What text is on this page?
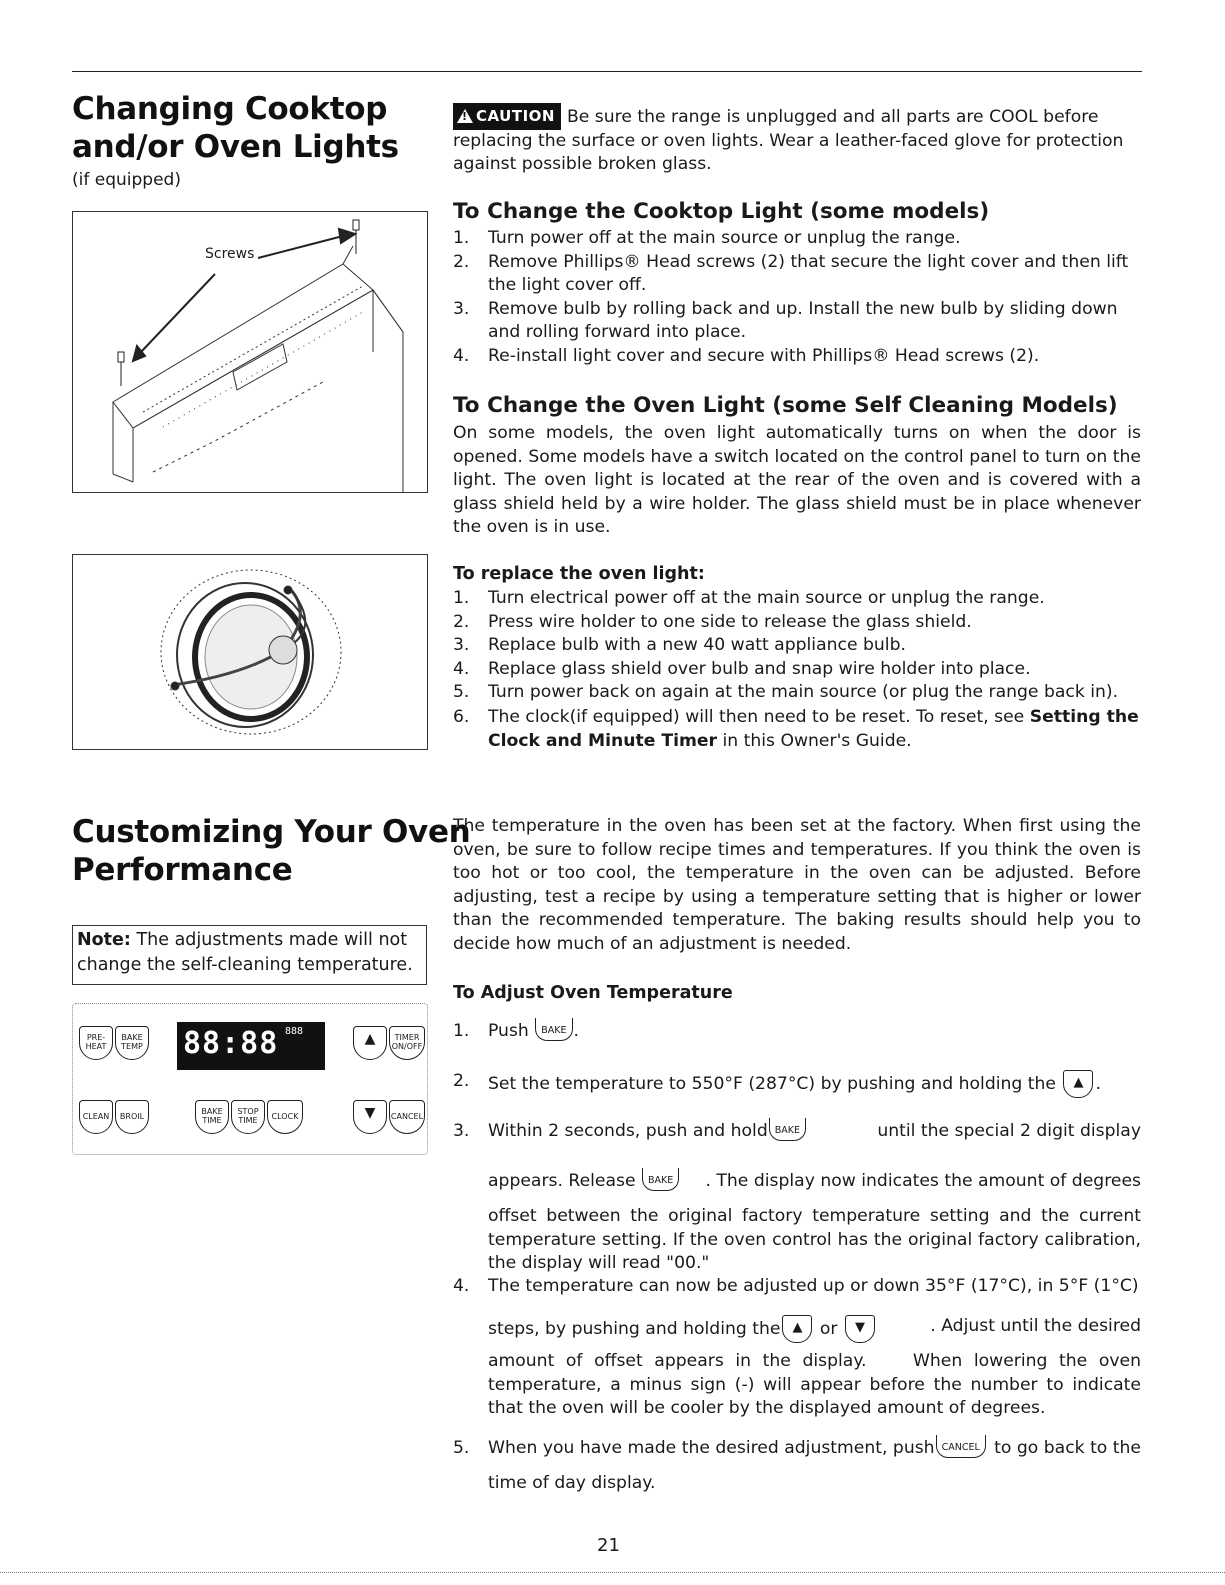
Changing Cooktop
and/or Oven Lights
(if equipped)
Screws
!CAUTION Be sure the range is unplugged and all parts are COOL before replacing the surface or oven lights. Wear a leather-faced glove for protection against possible broken glass.
To Change the Cooktop Light (some models)
1.	Turn power off at the main source or unplug the range.
2.	Remove Phillips® Head screws (2) that secure the light cover and then lift the light cover off.
3.	Remove bulb by rolling back and up. Install the new bulb by sliding down and rolling forward into place.
4.	Re-install light cover and secure with Phillips® Head screws (2).
To Change the Oven Light (some Self Cleaning Models)
On some models, the oven light automatically turns on when the door is opened. Some models have a switch located on the control panel to turn on the light. The oven light is located at the rear of the oven and is covered with a glass shield held by a wire holder. The glass shield must be in place whenever the oven is in use.
To replace the oven light:
1.	Turn electrical power off at the main source or unplug the range.
2.	Press wire holder to one side to release the glass shield.
3.	Replace bulb with a new 40 watt appliance bulb.
4.	Replace glass shield over bulb and snap wire holder into place.
5.	Turn power back on again at the main source (or plug the range back in).
6.	The clock(if equipped) will then need to be reset. To reset, see Setting the Clock and Minute Timer in this Owner's Guide.
Customizing Your Oven
Performance
Note: The adjustments made will not change the self-cleaning temperature.
PRE-
HEAT
BAKE
TEMP 88:88 888	▲	TIMER
ON/OFF
CLEAN	BROIL
BAKE
TIME
STOP
TIME	CLOCK	▼	CANCEL
The temperature in the oven has been set at the factory. When first using the oven, be sure to follow recipe times and temperatures. If you think the oven is too hot or too cool, the temperature in the oven can be adjusted. Before adjusting, test a recipe by using a temperature setting that is higher or lower than the recommended temperature. The baking results should help you to decide how much of an adjustment is needed.
To Adjust Oven Temperature
1.	Push BAKE .
2.	Set the temperature to 550°F (287°C) by pushing and holding the ▲ .
3.	Within 2 seconds, push and hold BAKE	until the special 2 digit display
appears. Release BAKE	. The display now indicates the amount of degrees
offset between the original factory temperature setting and the current temperature setting. If the oven control has the original factory calibration, the display will read "00."
4.	The temperature can now be adjusted up or down 35°F (17°C), in 5°F (1°C)
steps, by pushing and holding the ▲ or ▼	. Adjust until the desired
amount of offset appears in the display.    When lowering the oven temperature, a minus sign (-) will appear before the number to indicate that the oven will be cooler by the displayed amount of degrees.
5.	When you have made the desired adjustment, push CANCEL to go back to the
time of day display.
21
